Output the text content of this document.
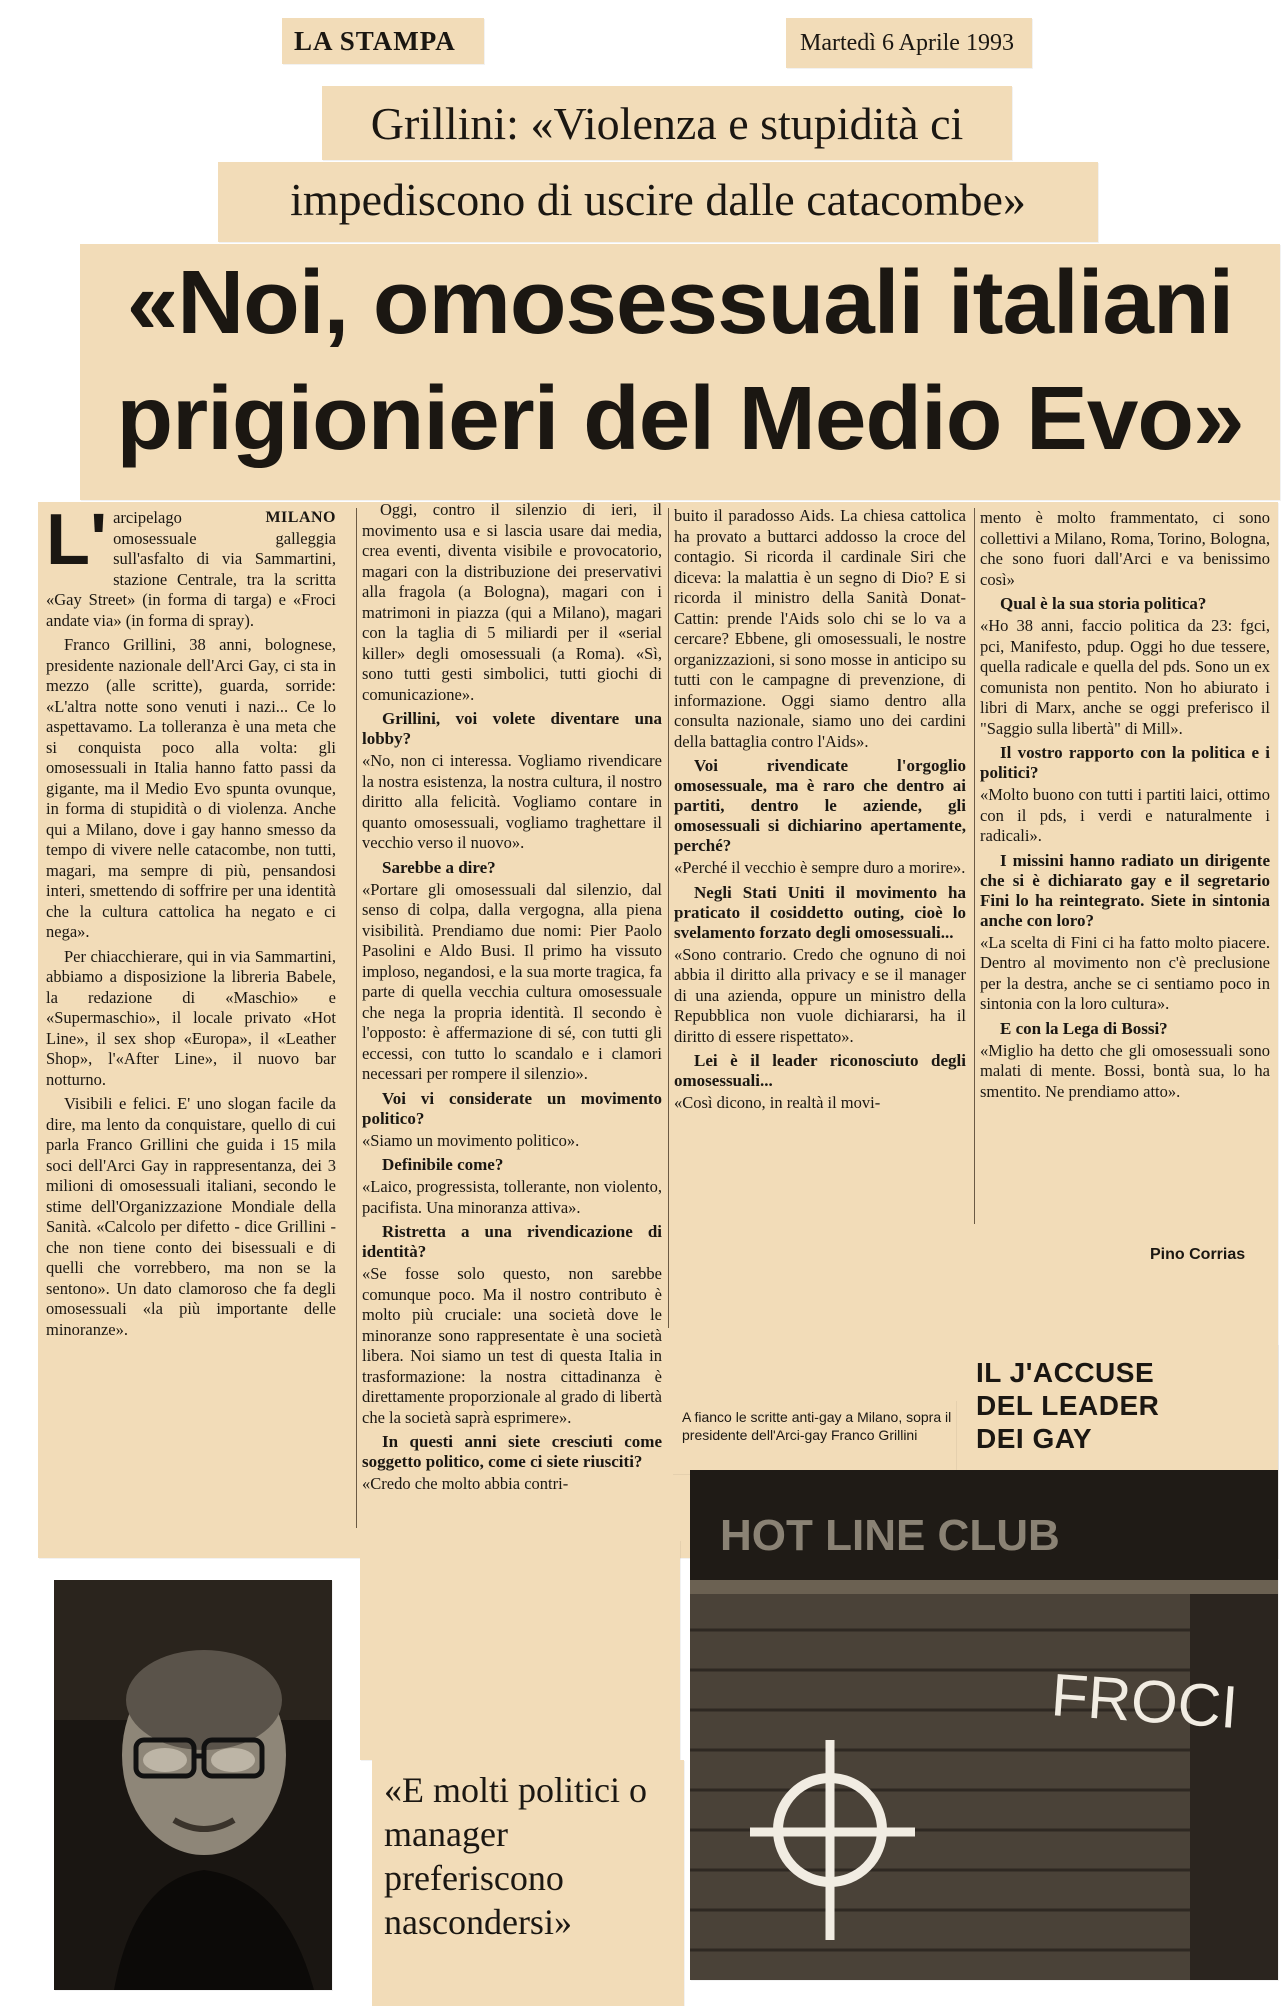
LA STAMPA	Martedì 6 Aprile 1993
Grillini: «Violenza e stupidità ci
impediscono di uscire dalle catacombe»
«Noi, omosessuali italiani
prigionieri del Medio Evo»
L'	MILANO

arcipelago omosessuale galleggia sull'asfalto di via Sammartini, stazione Centrale, tra la scritta «Gay Street» (in forma di targa) e «Froci andate via» (in forma di spray).

Franco Grillini, 38 anni, bolognese, presidente nazionale dell'Arci Gay, ci sta in mezzo (alle scritte), guarda, sorride: «L'altra notte sono venuti i nazi... Ce lo aspettavamo. La tolleranza è una meta che si conquista poco alla volta: gli omosessuali in Italia hanno fatto passi da gigante, ma il Medio Evo spunta ovunque, in forma di stupidità o di violenza. Anche qui a Milano, dove i gay hanno smesso da tempo di vivere nelle catacombe, non tutti, magari, ma sempre di più, pensandosi interi, smettendo di soffrire per una identità che la cultura cattolica ha negato e ci nega».

Per chiacchierare, qui in via Sammartini, abbiamo a disposizione la libreria Babele, la redazione di «Maschio» e «Supermaschio», il locale privato «Hot Line», il sex shop «Europa», il «Leather Shop», l'«After Line», il nuovo bar notturno.

Visibili e felici. E' uno slogan facile da dire, ma lento da conquistare, quello di cui parla Franco Grillini che guida i 15 mila soci dell'Arci Gay in rappresentanza, dei 3 milioni di omosessuali italiani, secondo le stime dell'Organizzazione Mondiale della Sanità. «Calcolo per difetto - dice Grillini - che non tiene conto dei bisessuali e di quelli che vorrebbero, ma non se la sentono». Un dato clamoroso che fa degli omosessuali «la più importante delle minoranze».

Oggi, contro il silenzio di ieri, il movimento usa e si lascia usare dai media, crea eventi, diventa visibile e provocatorio, magari con la distribuzione dei preservativi alla fragola (a Bologna), magari con i matrimoni in piazza (qui a Milano), magari con la taglia di 5 miliardi per il «serial killer» degli omosessuali (a Roma). «Sì, sono tutti gesti simbolici, tutti giochi di comunicazione».

Grillini, voi volete diventare una lobby?

«No, non ci interessa. Vogliamo rivendicare la nostra esistenza, la nostra cultura, il nostro diritto alla felicità. Vogliamo contare in quanto omosessuali, vogliamo traghettare il vecchio verso il nuovo».

Sarebbe a dire?

«Portare gli omosessuali dal silenzio, dal senso di colpa, dalla vergogna, alla piena visibilità. Prendiamo due nomi: Pier Paolo Pasolini e Aldo Busi. Il primo ha vissuto imploso, negandosi, e la sua morte tragica, fa parte di quella vecchia cultura omosessuale che nega la propria identità. Il secondo è l'opposto: è affermazione di sé, con tutti gli eccessi, con tutto lo scandalo e i clamori necessari per rompere il silenzio».

Voi vi considerate un movimento politico?

«Siamo un movimento politico».

Definibile come?

«Laico, progressista, tollerante, non violento, pacifista. Una minoranza attiva».

Ristretta a una rivendicazione di identità?

«Se fosse solo questo, non sarebbe comunque poco. Ma il nostro contributo è molto più cruciale: una società dove le minoranze sono rappresentate è una società libera. Noi siamo un test di questa Italia in trasformazione: la nostra cittadinanza è direttamente proporzionale al grado di libertà che la società saprà esprimere».

In questi anni siete cresciuti come soggetto politico, come ci siete riusciti?

«Credo che molto abbia contri-

buito il paradosso Aids. La chiesa cattolica ha provato a buttarci addosso la croce del contagio. Si ricorda il cardinale Siri che diceva: la malattia è un segno di Dio? E si ricorda il ministro della Sanità Donat-Cattin: prende l'Aids solo chi se lo va a cercare? Ebbene, gli omosessuali, le nostre organizzazioni, si sono mosse in anticipo su tutti con le campagne di prevenzione, di informazione. Oggi siamo dentro alla consulta nazionale, siamo uno dei cardini della battaglia contro l'Aids».

Voi rivendicate l'orgoglio omosessuale, ma è raro che dentro ai partiti, dentro le aziende, gli omosessuali si dichiarino apertamente, perché?

«Perché il vecchio è sempre duro a morire».

Negli Stati Uniti il movimento ha praticato il cosiddetto outing, cioè lo svelamento forzato degli omosessuali...

«Sono contrario. Credo che ognuno di noi abbia il diritto alla privacy e se il manager di una azienda, oppure un ministro della Repubblica non vuole dichiararsi, ha il diritto di essere rispettato».

Lei è il leader riconosciuto degli omosessuali...

«Così dicono, in realtà il movi-

mento è molto frammentato, ci sono collettivi a Milano, Roma, Torino, Bologna, che sono fuori dall'Arci e va benissimo così»

Qual è la sua storia politica?

«Ho 38 anni, faccio politica da 23: fgci, pci, Manifesto, pdup. Oggi ho due tessere, quella radicale e quella del pds. Sono un ex comunista non pentito. Non ho abiurato i libri di Marx, anche se oggi preferisco il "Saggio sulla libertà" di Mill».

Il vostro rapporto con la politica e i politici?

«Molto buono con tutti i partiti laici, ottimo con il pds, i verdi e naturalmente i radicali».

I missini hanno radiato un dirigente che si è dichiarato gay e il segretario Fini lo ha reintegrato. Siete in sintonia anche con loro?

«La scelta di Fini ci ha fatto molto piacere. Dentro al movimento non c'è preclusione per la destra, anche se ci sentiamo poco in sintonia con la loro cultura».

E con la Lega di Bossi?

«Miglio ha detto che gli omosessuali sono malati di mente. Bossi, bontà sua, lo ha smentito. Ne prendiamo atto».

Pino Corrias
«E molti politici o manager preferiscono nascondersi»
IL J'ACCUSE DEL LEADER DEI GAY
A fianco le scritte anti-gay a Milano, sopra il presidente dell'Arci-gay Franco Grillini
HOT LINE CLUB
FROCI
